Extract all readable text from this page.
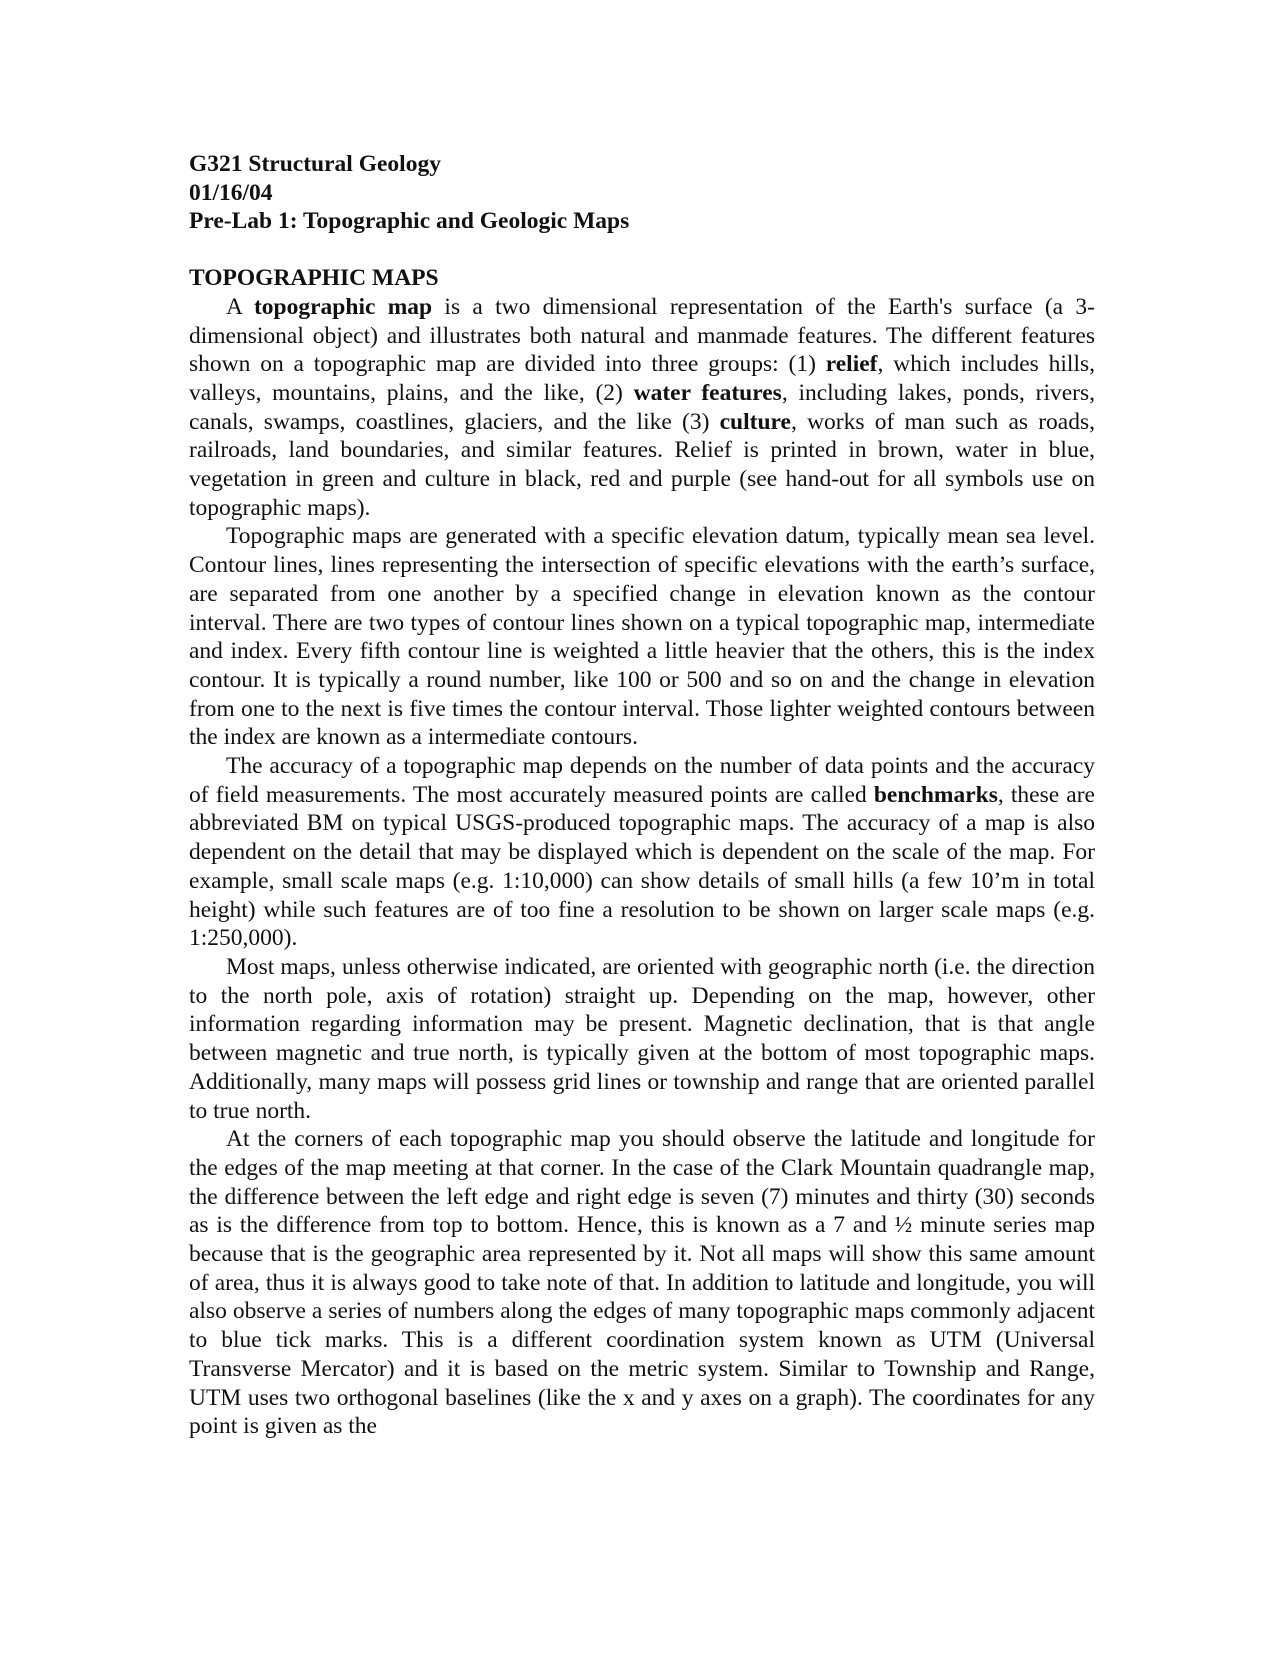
G321 Structural Geology

01/16/04

Pre-Lab 1: Topographic and Geologic Maps

TOPOGRAPHIC MAPS

A topographic map is a two dimensional representation of the Earth's surface (a 3-dimensional object) and illustrates both natural and manmade features. The different features shown on a topographic map are divided into three groups: (1) relief, which includes hills, valleys, mountains, plains, and the like, (2) water features, including lakes, ponds, rivers, canals, swamps, coastlines, glaciers, and the like (3) culture, works of man such as roads, railroads, land boundaries, and similar features. Relief is printed in brown, water in blue, vegetation in green and culture in black, red and purple (see hand-out for all symbols use on topographic maps).

Topographic maps are generated with a specific elevation datum, typically mean sea level. Contour lines, lines representing the intersection of specific elevations with the earth’s surface, are separated from one another by a specified change in elevation known as the contour interval. There are two types of contour lines shown on a typical topographic map, intermediate and index. Every fifth contour line is weighted a little heavier that the others, this is the index contour. It is typically a round number, like 100 or 500 and so on and the change in elevation from one to the next is five times the contour interval. Those lighter weighted contours between the index are known as a intermediate contours.

The accuracy of a topographic map depends on the number of data points and the accuracy of field measurements. The most accurately measured points are called benchmarks, these are abbreviated BM on typical USGS-produced topographic maps. The accuracy of a map is also dependent on the detail that may be displayed which is dependent on the scale of the map. For example, small scale maps (e.g. 1:10,000) can show details of small hills (a few 10’m in total height) while such features are of too fine a resolution to be shown on larger scale maps (e.g. 1:250,000).

Most maps, unless otherwise indicated, are oriented with geographic north (i.e. the direction to the north pole, axis of rotation) straight up. Depending on the map, however, other information regarding information may be present. Magnetic declination, that is that angle between magnetic and true north, is typically given at the bottom of most topographic maps. Additionally, many maps will possess grid lines or township and range that are oriented parallel to true north.

At the corners of each topographic map you should observe the latitude and longitude for the edges of the map meeting at that corner. In the case of the Clark Mountain quadrangle map, the difference between the left edge and right edge is seven (7) minutes and thirty (30) seconds as is the difference from top to bottom. Hence, this is known as a 7 and ½ minute series map because that is the geographic area represented by it. Not all maps will show this same amount of area, thus it is always good to take note of that. In addition to latitude and longitude, you will also observe a series of numbers along the edges of many topographic maps commonly adjacent to blue tick marks. This is a different coordination system known as UTM (Universal Transverse Mercator) and it is based on the metric system. Similar to Township and Range, UTM uses two orthogonal baselines (like the x and y axes on a graph). The coordinates for any point is given as the
